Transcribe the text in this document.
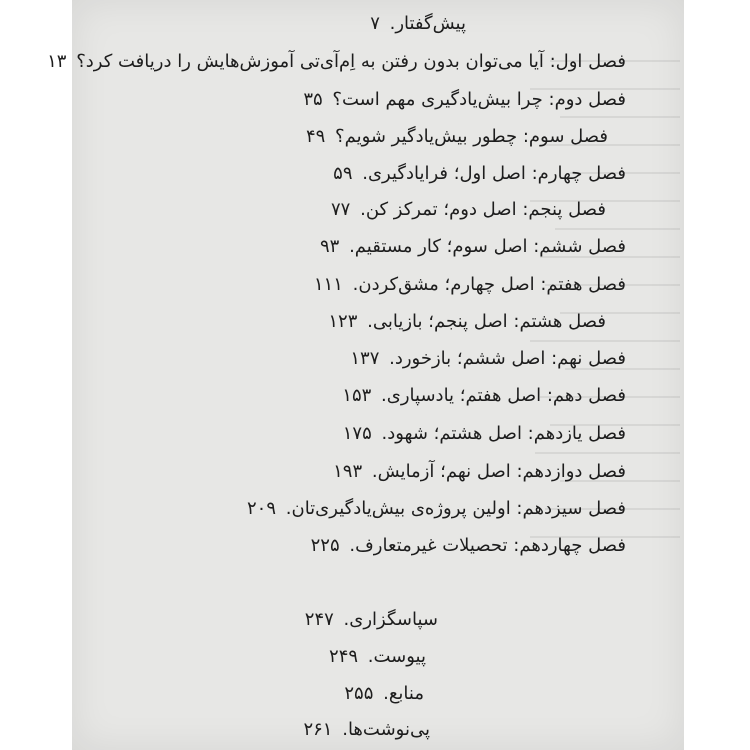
پیش‌گفتار. ۷
فصل اول: آیا می‌توان بدون رفتن به اِم‌آی‌تی آموزش‌هایش را دریافت کرد؟ ۱۳
فصل دوم: چرا بیش‌یادگیری مهم است؟ ۳۵
فصل سوم: چطور بیش‌یادگیر شویم؟ ۴۹
فصل چهارم: اصل اول؛ فرایادگیری. ۵۹
فصل پنجم: اصل دوم؛ تمرکز کن. ۷۷
فصل ششم: اصل سوم؛ کار مستقیم. ۹۳
فصل هفتم: اصل چهارم؛ مشق‌کردن. ۱۱۱
فصل هشتم: اصل پنجم؛ بازیابی. ۱۲۳
فصل نهم: اصل ششم؛ بازخورد. ۱۳۷
فصل دهم: اصل هفتم؛ یادسپاری. ۱۵۳
فصل یازدهم: اصل هشتم؛ شهود. ۱۷۵
فصل دوازدهم: اصل نهم؛ آزمایش. ۱۹۳
فصل سیزدهم: اولین پروژه‌ی بیش‌یادگیری‌تان. ۲۰۹
فصل چهاردهم: تحصیلات غیرمتعارف. ۲۲۵
سپاسگزاری. ۲۴۷
پیوست. ۲۴۹
منابع. ۲۵۵
پی‌نوشت‌ها. ۲۶۱
